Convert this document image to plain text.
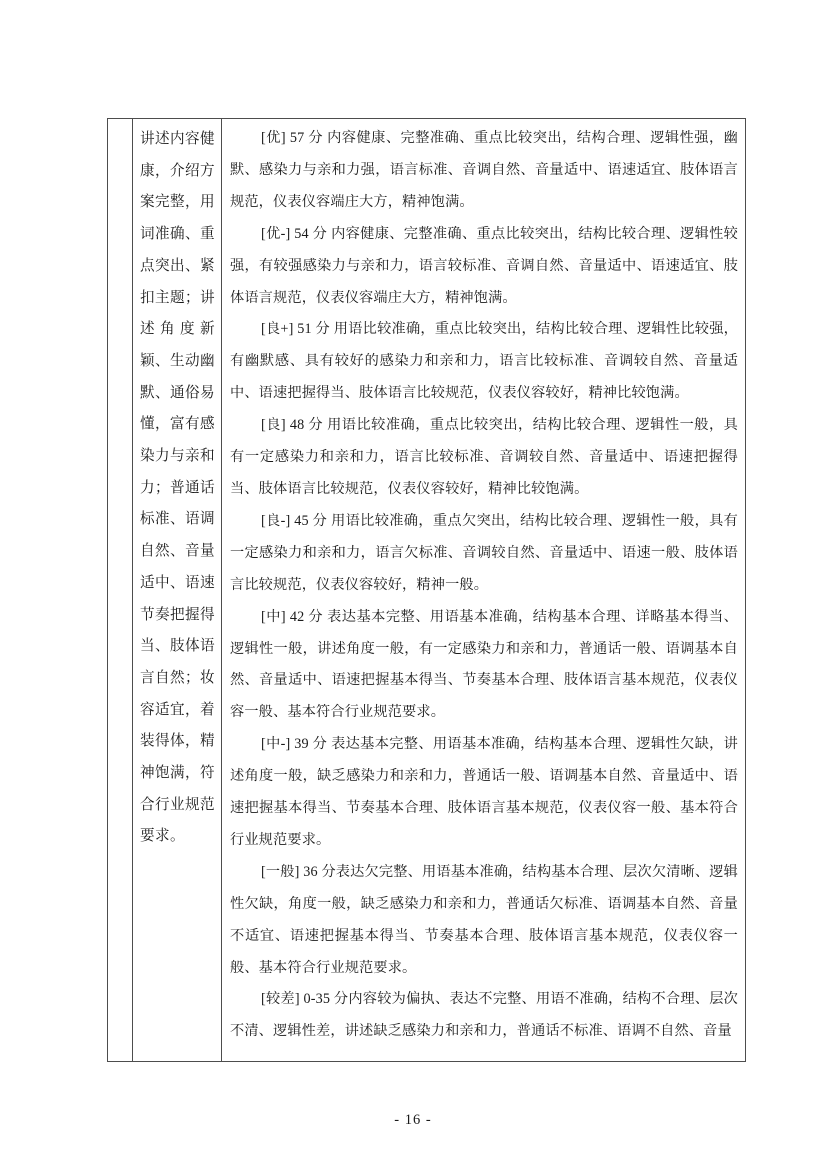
讲述内容健康，介绍方案完整，用词准确、重点突出、紧扣主题；讲述角度新颖、生动幽默、通俗易懂，富有感染力与亲和力；普通话标准、语调自然、音量适中、语速节奏把握得当、肢体语言自然；妆容适宜，着装得体，精神饱满，符合行业规范要求。

[优] 57 分 内容健康、完整准确、重点比较突出，结构合理、逻辑性强，幽默、感染力与亲和力强，语言标准、音调自然、音量适中、语速适宜、肢体语言规范，仪表仪容端庄大方，精神饱满。

[优-] 54 分 内容健康、完整准确、重点比较突出，结构比较合理、逻辑性较强，有较强感染力与亲和力，语言较标准、音调自然、音量适中、语速适宜、肢体语言规范，仪表仪容端庄大方，精神饱满。

[良+] 51 分 用语比较准确，重点比较突出，结构比较合理、逻辑性比较强，有幽默感、具有较好的感染力和亲和力，语言比较标准、音调较自然、音量适中、语速把握得当、肢体语言比较规范，仪表仪容较好，精神比较饱满。

[良] 48 分 用语比较准确，重点比较突出，结构比较合理、逻辑性一般，具有一定感染力和亲和力，语言比较标准、音调较自然、音量适中、语速把握得当、肢体语言比较规范，仪表仪容较好，精神比较饱满。

[良-] 45 分 用语比较准确，重点欠突出，结构比较合理、逻辑性一般，具有一定感染力和亲和力，语言欠标准、音调较自然、音量适中、语速一般、肢体语言比较规范，仪表仪容较好，精神一般。

[中] 42 分 表达基本完整、用语基本准确，结构基本合理、详略基本得当、逻辑性一般，讲述角度一般，有一定感染力和亲和力，普通话一般、语调基本自然、音量适中、语速把握基本得当、节奏基本合理、肢体语言基本规范，仪表仪容一般、基本符合行业规范要求。

[中-] 39 分 表达基本完整、用语基本准确，结构基本合理、逻辑性欠缺，讲述角度一般，缺乏感染力和亲和力，普通话一般、语调基本自然、音量适中、语速把握基本得当、节奏基本合理、肢体语言基本规范，仪表仪容一般、基本符合行业规范要求。

[一般] 36 分表达欠完整、用语基本准确，结构基本合理、层次欠清晰、逻辑性欠缺，角度一般，缺乏感染力和亲和力，普通话欠标准、语调基本自然、音量不适宜、语速把握基本得当、节奏基本合理、肢体语言基本规范，仪表仪容一般、基本符合行业规范要求。

[较差] 0-35 分内容较为偏执、表达不完整、用语不准确，结构不合理、层次不清、逻辑性差，讲述缺乏感染力和亲和力，普通话不标准、语调不自然、音量

- 16 -
